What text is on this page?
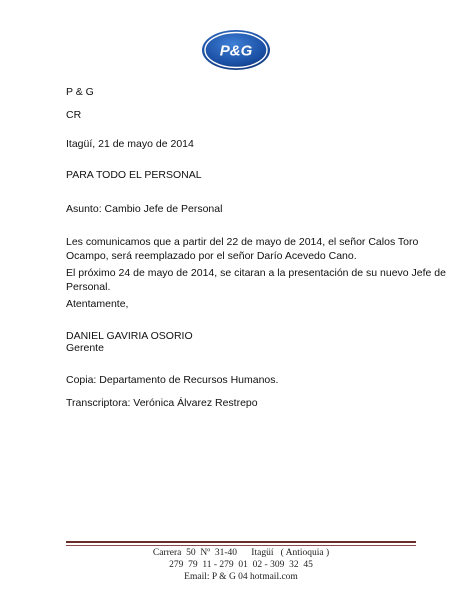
P&G
P & G
CR
Itagüí, 21 de mayo de 2014
PARA TODO EL PERSONAL
Asunto: Cambio Jefe de Personal
Les comunicamos que a partir del 22 de mayo de 2014, el señor Calos Toro
Ocampo, será reemplazado por el señor Darío Acevedo Cano.
El próximo 24 de mayo de 2014, se citaran a la presentación de su nuevo Jefe de
Personal.
Atentamente,
DANIEL GAVIRIA OSORIO
Gerente
Copia: Departamento de Recursos Humanos.
Transcriptora: Verónica Álvarez Restrepo
Carrera  50  Nº  31-40      Itagüí   ( Antioquia )
279  79  11 - 279  01  02 - 309  32  45
Email: P & G 04 hotmail.com
